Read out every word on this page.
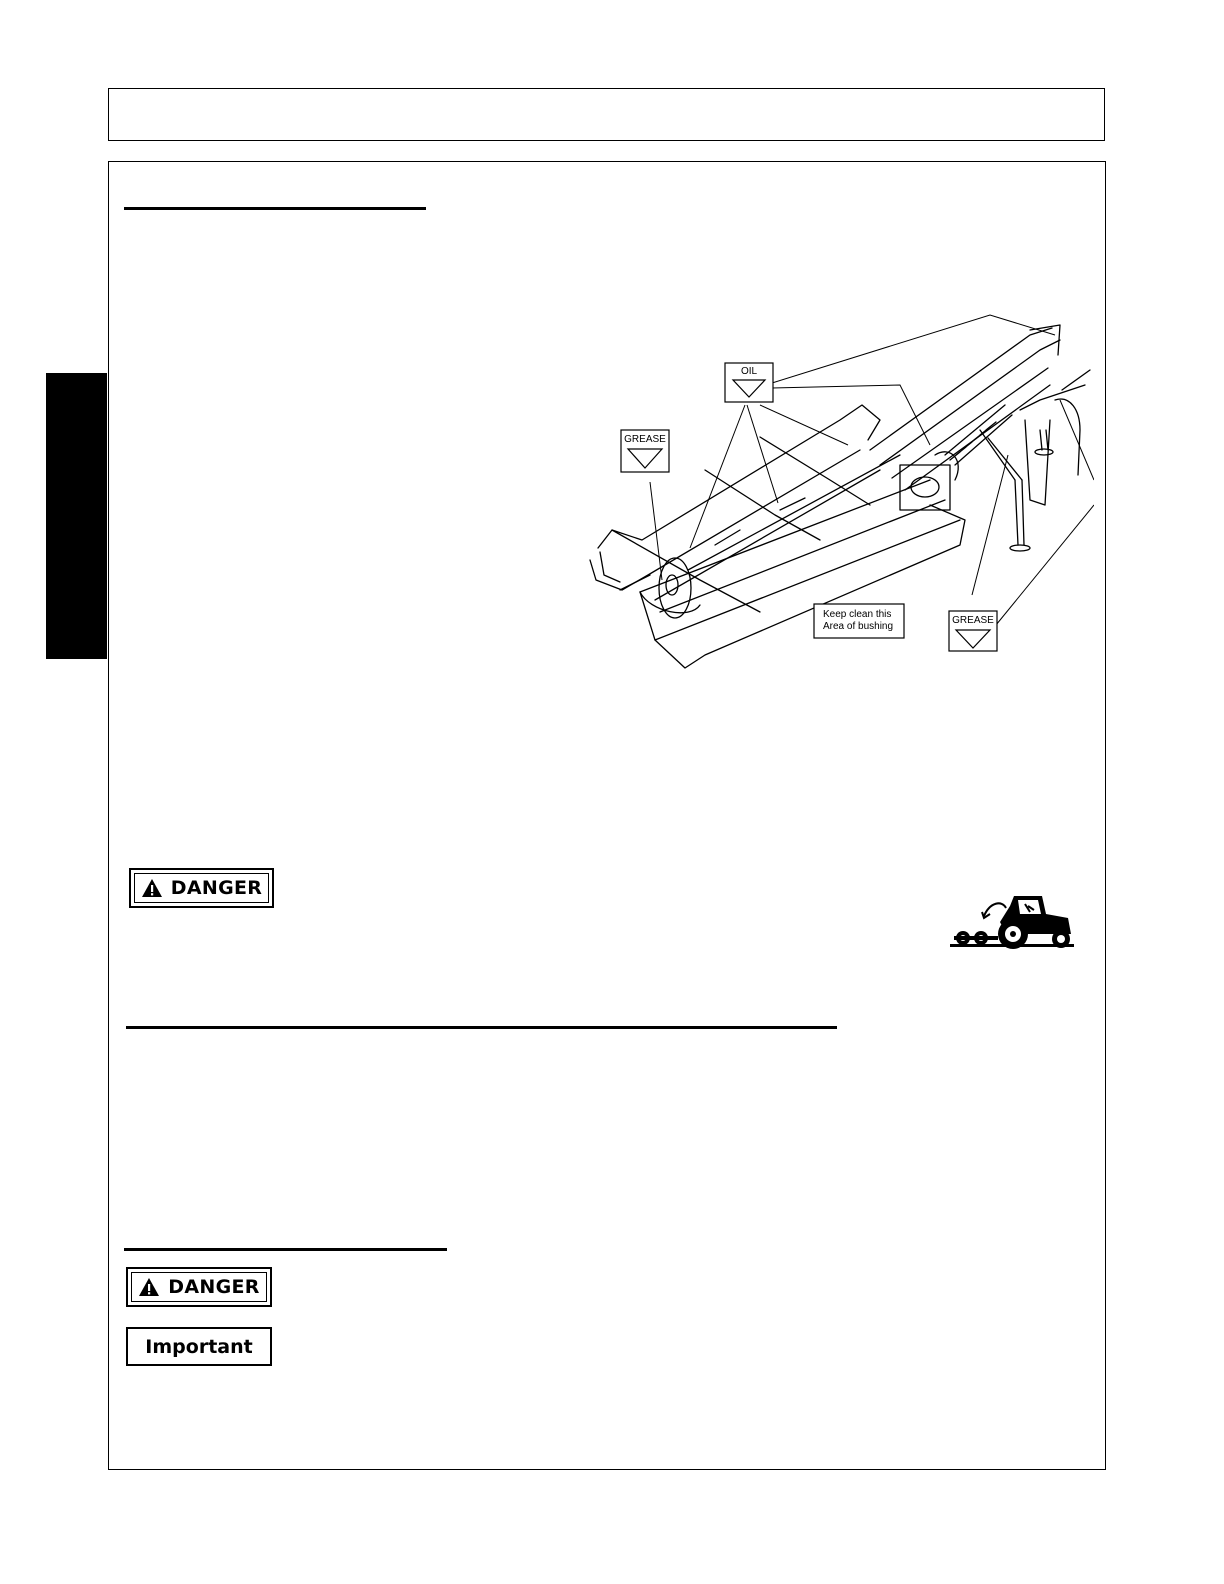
OIL
GREASE
GREASE
Keep clean this
Area of bushing
DANGER
DANGER
Important
